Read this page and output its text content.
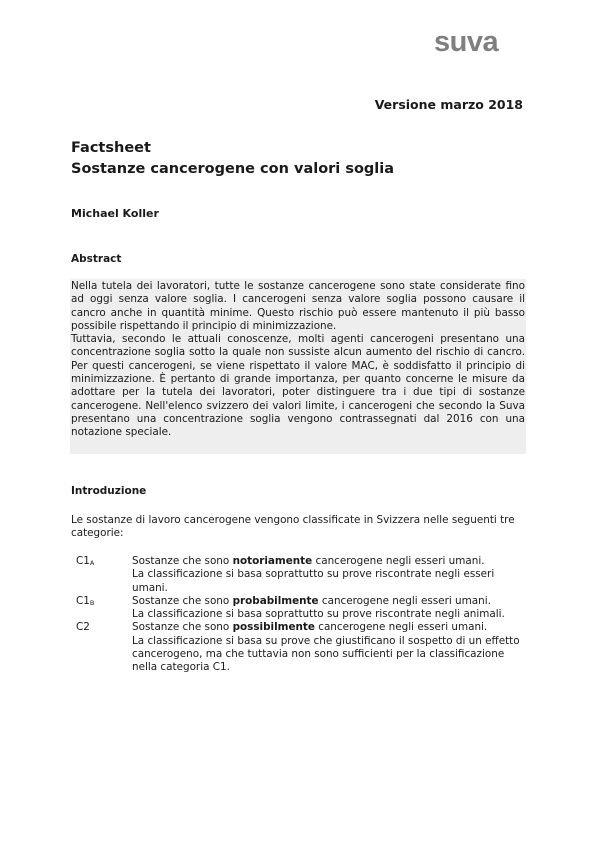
suva
Versione marzo 2018
Factsheet
Sostanze cancerogene con valori soglia
Michael Koller
Abstract

Nella tutela dei lavoratori, tutte le sostanze cancerogene sono state considerate fino ad oggi senza valore soglia. I cancerogeni senza valore soglia possono causare il cancro anche in quantità minime. Questo rischio può essere mantenuto il più basso possibile rispettando il principio di minimizzazione.

Tuttavia, secondo le attuali conoscenze, molti agenti cancerogeni presentano una concentrazione soglia sotto la quale non sussiste alcun aumento del rischio di cancro. Per questi cancerogeni, se viene rispettato il valore MAC, è soddisfatto il principio di minimizzazione. È pertanto di grande importanza, per quanto concerne le misure da adottare per la tutela dei lavoratori, poter distinguere tra i due tipi di sostanze cancerogene. Nell'elenco svizzero dei valori limite, i cancerogeni che secondo la Suva presentano una concentrazione soglia vengono contrassegnati dal 2016 con una notazione speciale.

Introduzione
Le sostanze di lavoro cancerogene vengono classificate in Svizzera nelle seguenti tre categorie:
$C1_A$	Sostanze che sono notoriamente cancerogene negli esseri umani.
La classificazione si basa soprattutto su prove riscontrate negli esseri umani.
$C1_B$	Sostanze che sono probabilmente cancerogene negli esseri umani.
La classificazione si basa soprattutto su prove riscontrate negli animali.
C2	Sostanze che sono possibilmente cancerogene negli esseri umani.
La classificazione si basa su prove che giustificano il sospetto di un effetto cancerogeno, ma che tuttavia non sono sufficienti per la classificazione nella categoria C1.
